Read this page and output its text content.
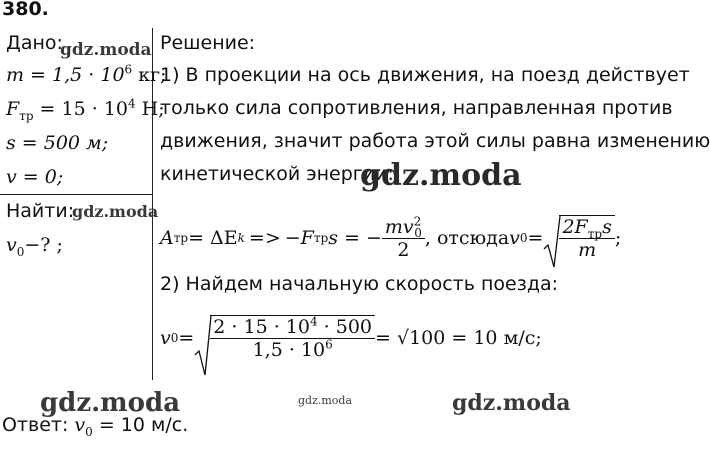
380.
Дано:
$m = 1,5 \cdot 10^6$ кг;
$F_{тр} = 15 \cdot 10^4$ Н;
s = 500 м;
v = 0;
Найти:
$v_0-$? ;
Решение:
1) В проекции на ось движения, на поезд действует
только сила сопротивления, направленная против
движения, значит работа этой силы равна изменению
кинетической энергии:
A тр = ΔE k => −F тр s = − $\frac{mv^2_0}{2}$ , отсюда v $0 = \frac{2F_{тр}s}{m}$ ;
2) Найдем начальную скорость поезда:
v $0 = \frac{2 \cdot 15 \cdot 10^4 \cdot 500}{1,5 \cdot 10^6} = √100 = 10$ м/с;
Ответ: $v_0 = 10$ м/с.
gdz.moda
gdz.moda
gdz.moda
gdz.moda	gdz.moda	gdz.moda
